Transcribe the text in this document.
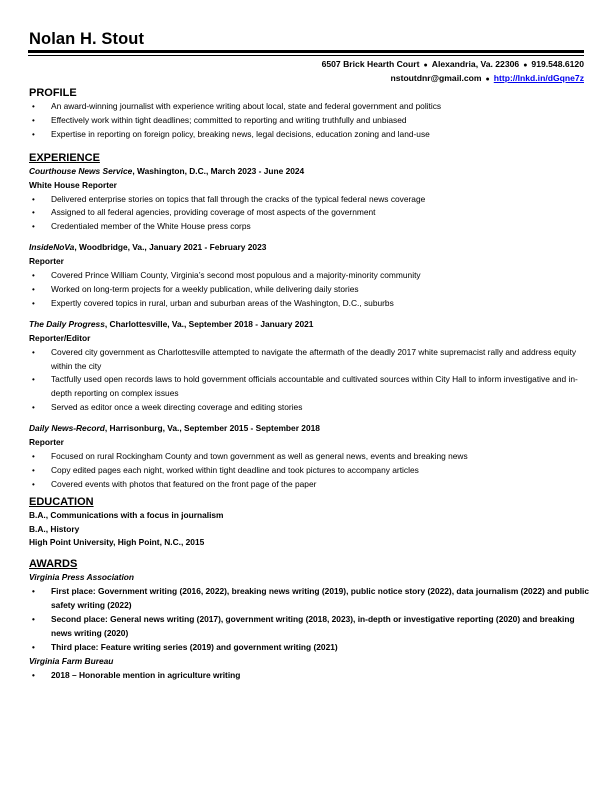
Nolan H. Stout
6507 Brick Hearth Court ● Alexandria, Va. 22306 ● 919.548.6120
nstoutdnr@gmail.com ● http://lnkd.in/dGqne7z
PROFILE
• An award-winning journalist with experience writing about local, state and federal government and politics
• Effectively work within tight deadlines; committed to reporting and writing truthfully and unbiased
• Expertise in reporting on foreign policy, breaking news, legal decisions, education zoning and land-use
EXPERIENCE
Courthouse News Service, Washington, D.C., March 2023 - June 2024
White House Reporter
• Delivered enterprise stories on topics that fall through the cracks of the typical federal news coverage
• Assigned to all federal agencies, providing coverage of most aspects of the government
• Credentialed member of the White House press corps
InsideNoVa, Woodbridge, Va., January 2021 - February 2023
Reporter
• Covered Prince William County, Virginia’s second most populous and a majority-minority community
• Worked on long-term projects for a weekly publication, while delivering daily stories
• Expertly covered topics in rural, urban and suburban areas of the Washington, D.C., suburbs
The Daily Progress, Charlottesville, Va., September 2018 - January 2021
Reporter/Editor
• Covered city government as Charlottesville attempted to navigate the aftermath of the deadly 2017 white supremacist rally and address equity within the city
• Tactfully used open records laws to hold government officials accountable and cultivated sources within City Hall to inform investigative and in-depth reporting on complex issues
• Served as editor once a week directing coverage and editing stories
Daily News-Record, Harrisonburg, Va., September 2015 - September 2018
Reporter
• Focused on rural Rockingham County and town government as well as general news, events and breaking news
• Copy edited pages each night, worked within tight deadline and took pictures to accompany articles
• Covered events with photos that featured on the front page of the paper
EDUCATION
B.A., Communications with a focus in journalism
B.A., History
High Point University, High Point, N.C., 2015
AWARDS
Virginia Press Association
• First place: Government writing (2016, 2022), breaking news writing (2019), public notice story (2022), data journalism (2022) and public safety writing (2022)
• Second place: General news writing (2017), government writing (2018, 2023), in-depth or investigative reporting (2020) and breaking news writing (2020)
• Third place: Feature writing series (2019) and government writing (2021)
Virginia Farm Bureau
• 2018 – Honorable mention in agriculture writing
